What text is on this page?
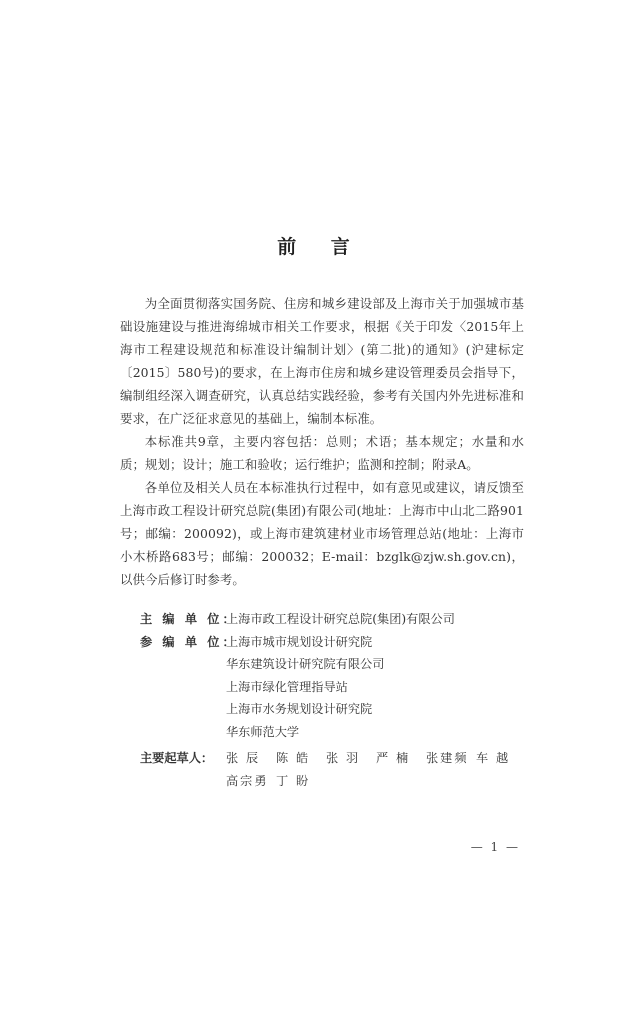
前 言

为全面贯彻落实国务院、住房和城乡建设部及上海市关于加强城市基础设施建设与推进海绵城市相关工作要求，根据《关于印发〈2015年上海市工程建设规范和标准设计编制计划〉(第二批)的通知》(沪建标定〔2015〕580号)的要求，在上海市住房和城乡建设管理委员会指导下，编制组经深入调查研究，认真总结实践经验，参考有关国内外先进标准和要求，在广泛征求意见的基础上，编制本标准。

本标准共9章，主要内容包括：总则；术语；基本规定；水量和水质；规划；设计；施工和验收；运行维护；监测和控制；附录A。

各单位及相关人员在本标准执行过程中，如有意见或建议，请反馈至上海市政工程设计研究总院(集团)有限公司(地址：上海市中山北二路901号；邮编：200092)，或上海市建筑建材业市场管理总站(地址：上海市小木桥路683号；邮编：200032；E-mail：bzglk@zjw.sh.gov.cn)，以供今后修订时参考。

主 编 单 位：
上海市政工程设计研究总院(集团)有限公司
参 编 单 位：
上海市城市规划设计研究院
华东建筑设计研究院有限公司
上海市绿化管理指导站
上海市水务规划设计研究院
华东师范大学
主要起草人：	张 辰	陈 皓	张 羽	严 楠	张建频 车 越
高宗勇 丁 盼
— 1 —
